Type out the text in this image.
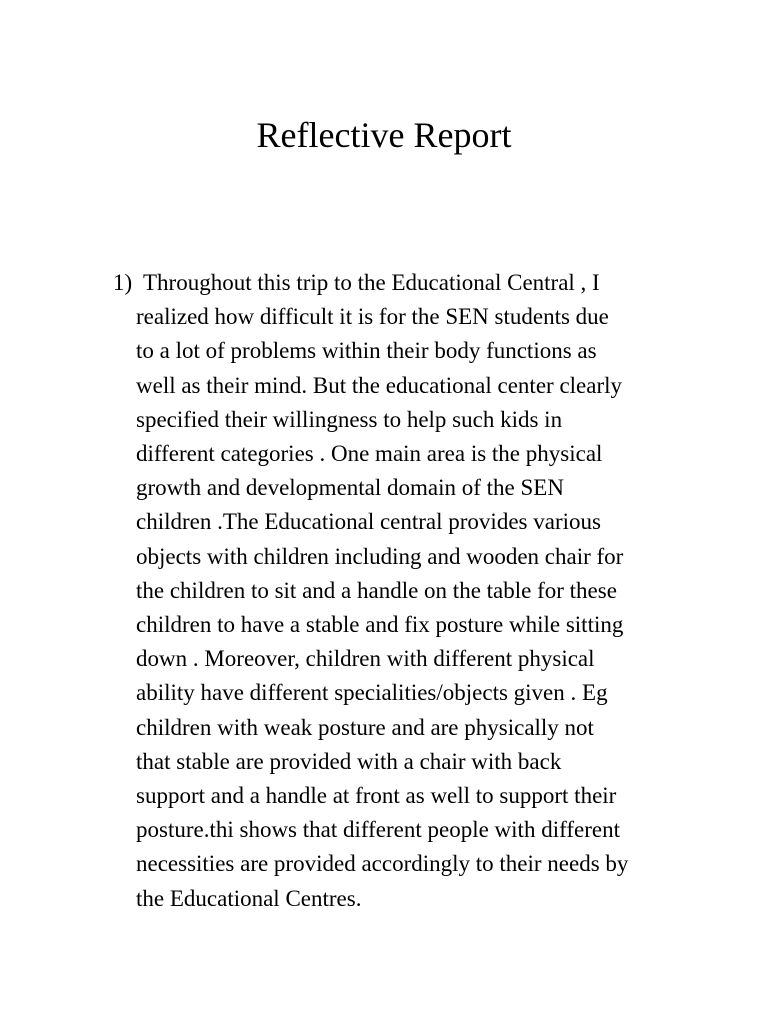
Reflective Report
1) Throughout this trip to the Educational Central , I
realized how difficult it is for the SEN students due
to a lot of problems within their body functions as
well as their mind. But the educational center clearly
specified their willingness to help such kids in
different categories . One main area is the physical
growth and developmental domain of the SEN
children .The Educational central provides various
objects with children including and wooden chair for
the children to sit and a handle on the table for these
children to have a stable and fix posture while sitting
down . Moreover, children with different physical
ability have different specialities/objects given . Eg
children with weak posture and are physically not
that stable are provided with a chair with back
support and a handle at front as well to support their
posture.thi shows that different people with different
necessities are provided accordingly to their needs by
the Educational Centres.
